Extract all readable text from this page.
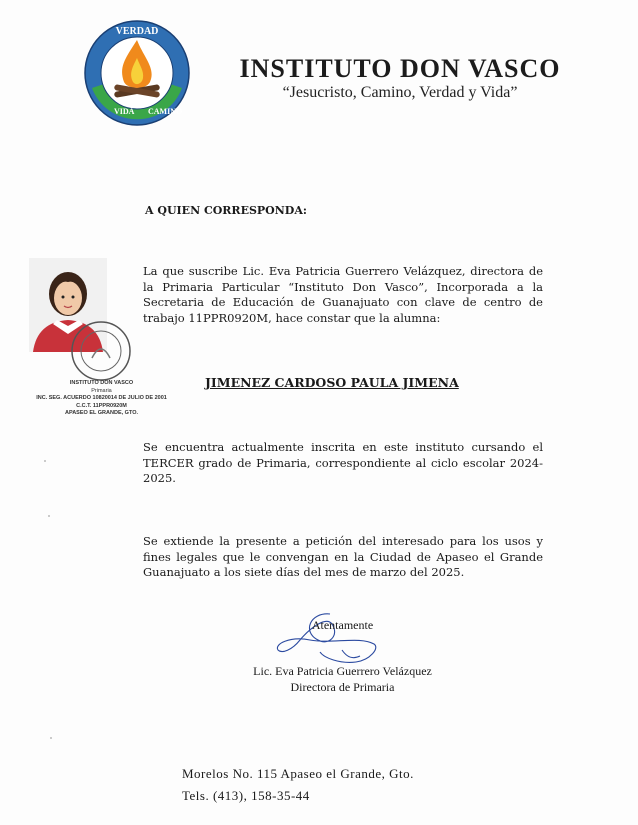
VERDAD
VIDA CAMINO
INSTITUTO DON VASCO
“Jesucristo, Camino, Verdad y Vida”
A QUIEN CORRESPONDA:
INSTITUTO DON VASCO
Primaria
INC. SEG. ACUERDO 10820014 DE JULIO DE 2001
C.C.T. 11PPR0920M
APASEO EL GRANDE, GTO.
La que suscribe Lic. Eva Patricia Guerrero Velázquez, directora de la Primaria Particular “Instituto Don Vasco”, Incorporada a la Secretaria de Educación de Guanajuato con clave de centro de trabajo 11PPR0920M, hace constar que la alumna:
JIMENEZ CARDOSO PAULA JIMENA
Se encuentra actualmente inscrita en este instituto cursando el TERCER grado de Primaria, correspondiente al ciclo escolar 2024-2025.
Se extiende la presente a petición del interesado para los usos y fines legales que le convengan en la Ciudad de Apaseo el Grande Guanajuato a los siete días del mes de marzo del 2025.
Atentamente
Lic. Eva Patricia Guerrero Velázquez
Directora de Primaria
Morelos No. 115 Apaseo el Grande, Gto.
Tels. (413), 158-35-44
